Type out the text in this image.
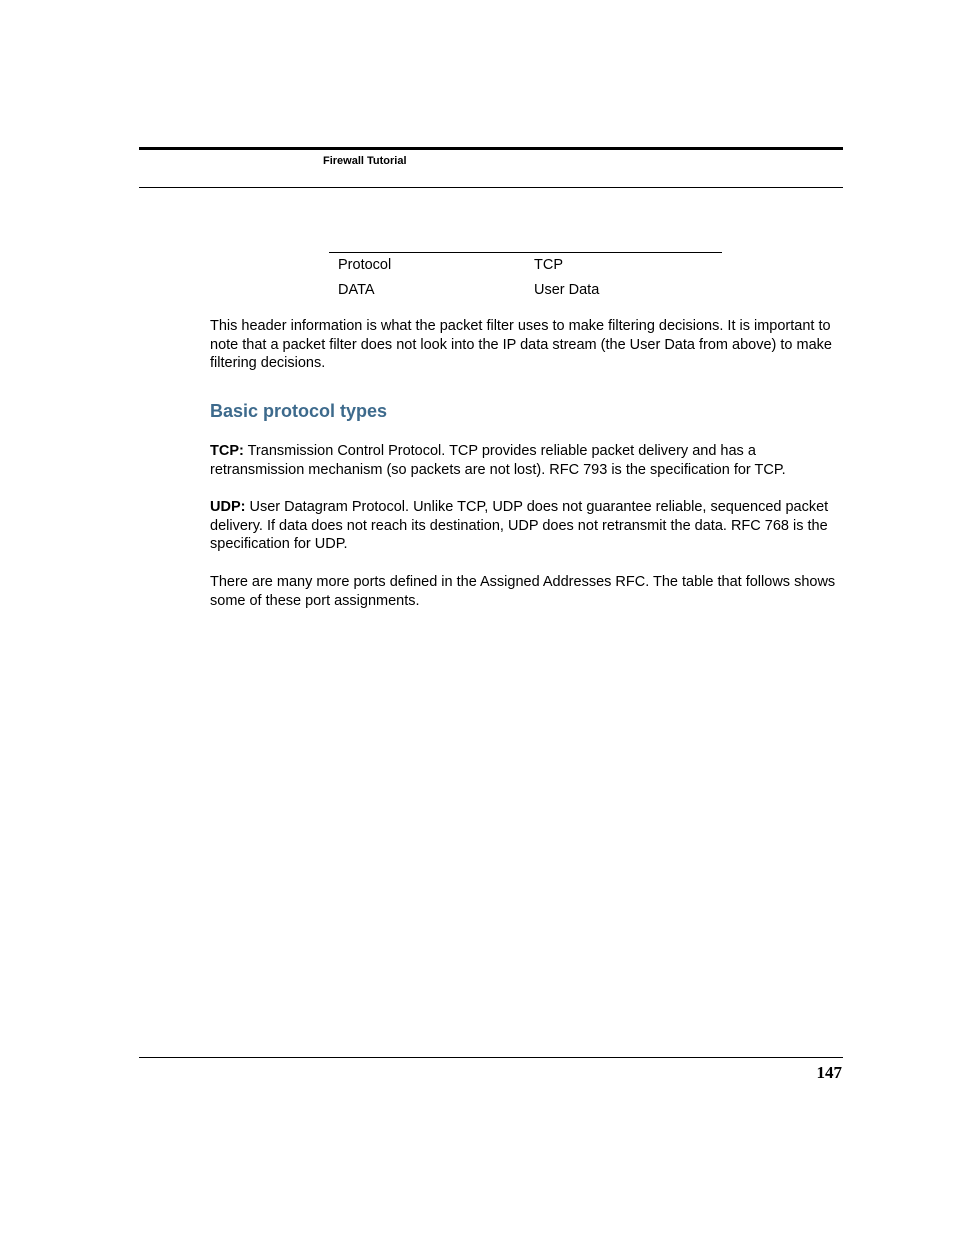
Firewall Tutorial
Protocol	TCP
DATA	User Data

This header information is what the packet filter uses to make filtering decisions. It is important to note that a packet filter does not look into the IP data stream (the User Data from above) to make filtering decisions.

Basic protocol types

TCP: Transmission Control Protocol. TCP provides reliable packet delivery and has a retransmission mechanism (so packets are not lost). RFC 793 is the specification for TCP.

UDP: User Datagram Protocol. Unlike TCP, UDP does not guarantee reliable, sequenced packet delivery. If data does not reach its destination, UDP does not retransmit the data. RFC 768 is the specification for UDP.

There are many more ports defined in the Assigned Addresses RFC. The table that follows shows some of these port assignments.

147
